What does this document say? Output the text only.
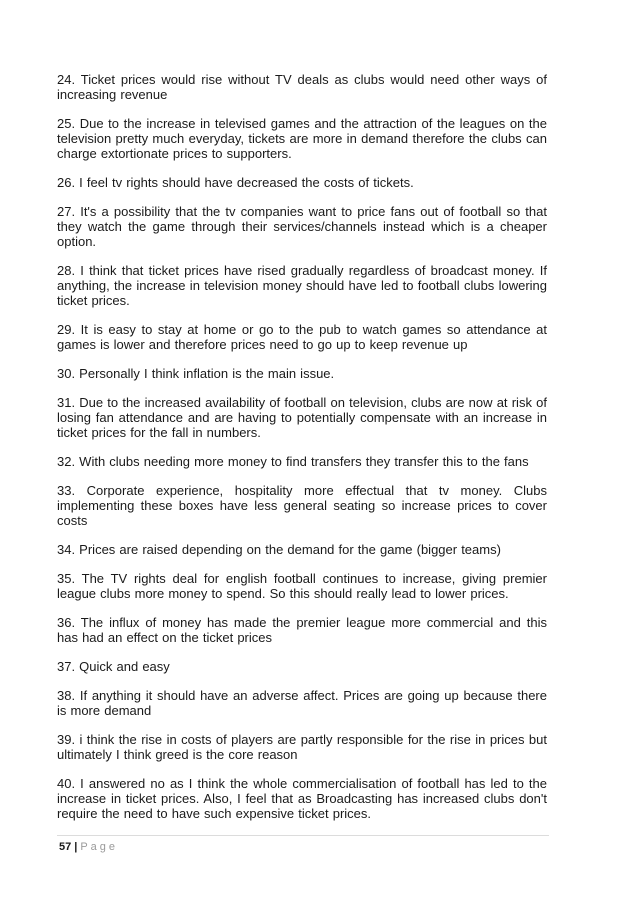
24. Ticket prices would rise without TV deals as clubs would need other ways of increasing revenue

25. Due to the increase in televised games and the attraction of the leagues on the television pretty much everyday, tickets are more in demand therefore the clubs can charge extortionate prices to supporters.

26. I feel tv rights should have decreased the costs of tickets.

27. It's a possibility that the tv companies want to price fans out of football so that they watch the game through their services/channels instead which is a cheaper option.

28. I think that ticket prices have rised gradually regardless of broadcast money. If anything, the increase in television money should have led to football clubs lowering ticket prices.

29. It is easy to stay at home or go to the pub to watch games so attendance at games is lower and therefore prices need to go up to keep revenue up

30. Personally I think inflation is the main issue.

31. Due to the increased availability of football on television, clubs are now at risk of losing fan attendance and are having to potentially compensate with an increase in ticket prices for the fall in numbers.

32. With clubs needing more money to find transfers they transfer this to the fans

33. Corporate experience, hospitality more effectual that tv money. Clubs implementing these boxes have less general seating so increase prices to cover costs

34. Prices are raised depending on the demand for the game (bigger teams)

35. The TV rights deal for english football continues to increase, giving premier league clubs more money to spend. So this should really lead to lower prices.

36. The influx of money has made the premier league more commercial and this has had an effect on the ticket prices

37. Quick and easy

38. If anything it should have an adverse affect. Prices are going up because there is more demand

39. i think the rise in costs of players are partly responsible for the rise in prices but ultimately I think greed is the core reason

40. I answered no as I think the whole commercialisation of football has led to the increase in ticket prices. Also, I feel that as Broadcasting has increased clubs don't require the need to have such expensive ticket prices.

57 | Page
